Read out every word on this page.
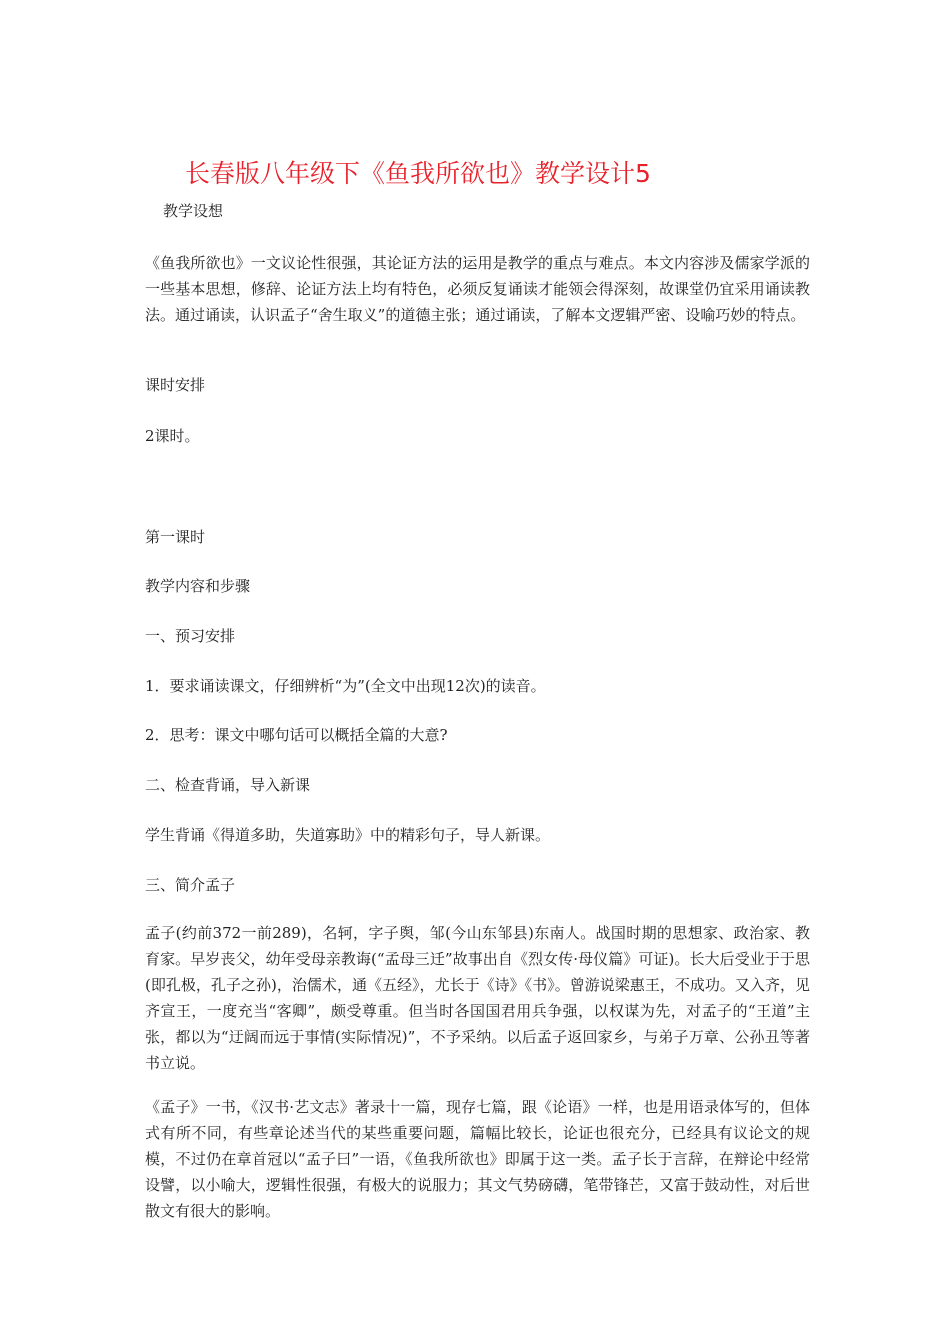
长春版八年级下《鱼我所欲也》教学设计5
教学设想

《鱼我所欲也》一文议论性很强，其论证方法的运用是教学的重点与难点。本文内容涉及儒家学派的一些基本思想，修辞、论证方法上均有特色，必须反复诵读才能领会得深刻，故课堂仍宜采用诵读教法。通过诵读，认识孟子“舍生取义”的道德主张；通过诵读，了解本文逻辑严密、设喻巧妙的特点。

课时安排
2课时。
第一课时
教学内容和步骤
一、预习安排
1．要求诵读课文，仔细辨析“为”(全文中出现12次)的读音。
2．思考：课文中哪句话可以概括全篇的大意?
二、检查背诵，导入新课
学生背诵《得道多助，失道寡助》中的精彩句子，导人新课。
三、简介孟子

孟子(约前372一前289)，名轲，字子舆，邹(今山东邹县)东南人。战国时期的思想家、政治家、教育家。早岁丧父，幼年受母亲教诲(“孟母三迁”故事出自《烈女传·母仪篇》可证)。长大后受业于于思(即孔极，孔子之孙)，治儒术，通《五经》，尤长于《诗》《书》。曾游说梁惠王，不成功。又入齐，见齐宣王，一度充当“客卿”，颇受尊重。但当时各国国君用兵争强，以权谋为先，对孟子的“王道”主张，都以为“迂阔而远于事情(实际情况)”，不予采纳。以后孟子返回家乡，与弟子万章、公孙丑等著书立说。

《孟子》一书，《汉书·艺文志》著录十一篇，现存七篇，跟《论语》一样，也是用语录体写的，但体式有所不同，有些章论述当代的某些重要问题，篇幅比较长，论证也很充分，已经具有议论文的规模，不过仍在章首冠以“孟子曰”一语，《鱼我所欲也》即属于这一类。孟子长于言辞，在辩论中经常设譬，以小喻大，逻辑性很强，有极大的说服力；其文气势磅礴，笔带锋芒，又富于鼓动性，对后世散文有很大的影响。
